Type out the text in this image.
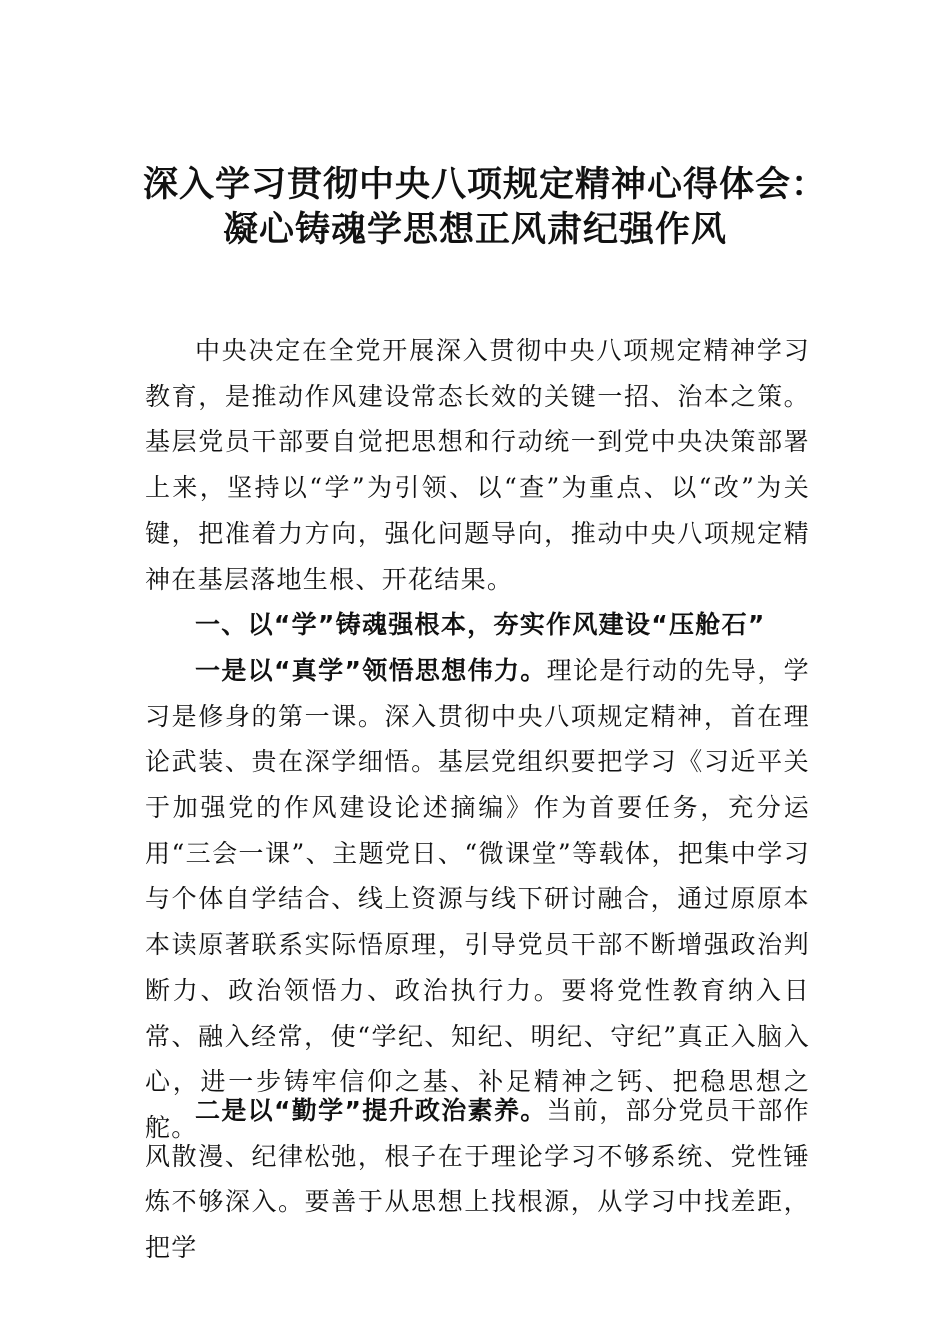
深入学习贯彻中央八项规定精神心得体会：
凝心铸魂学思想正风肃纪强作风

中央决定在全党开展深入贯彻中央八项规定精神学习教育，是推动作风建设常态长效的关键一招、治本之策。基层党员干部要自觉把思想和行动统一到党中央决策部署上来，坚持以“学”为引领、以“查”为重点、以“改”为关键，把准着力方向，强化问题导向，推动中央八项规定精神在基层落地生根、开花结果。

一、以“学”铸魂强根本，夯实作风建设“压舱石”

一是以“真学”领悟思想伟力。理论是行动的先导，学习是修身的第一课。深入贯彻中央八项规定精神，首在理论武装、贵在深学细悟。基层党组织要把学习《习近平关于加强党的作风建设论述摘编》作为首要任务，充分运用“三会一课”、主题党日、“微课堂”等载体，把集中学习与个体自学结合、线上资源与线下研讨融合，通过原原本本读原著联系实际悟原理，引导党员干部不断增强政治判断力、政治领悟力、政治执行力。要将党性教育纳入日常、融入经常，使“学纪、知纪、明纪、守纪”真正入脑入心，进一步铸牢信仰之基、补足精神之钙、把稳思想之舵。

二是以“勤学”提升政治素养。当前，部分党员干部作风散漫、纪律松弛，根子在于理论学习不够系统、党性锤炼不够深入。要善于从思想上找根源，从学习中找差距，把学
